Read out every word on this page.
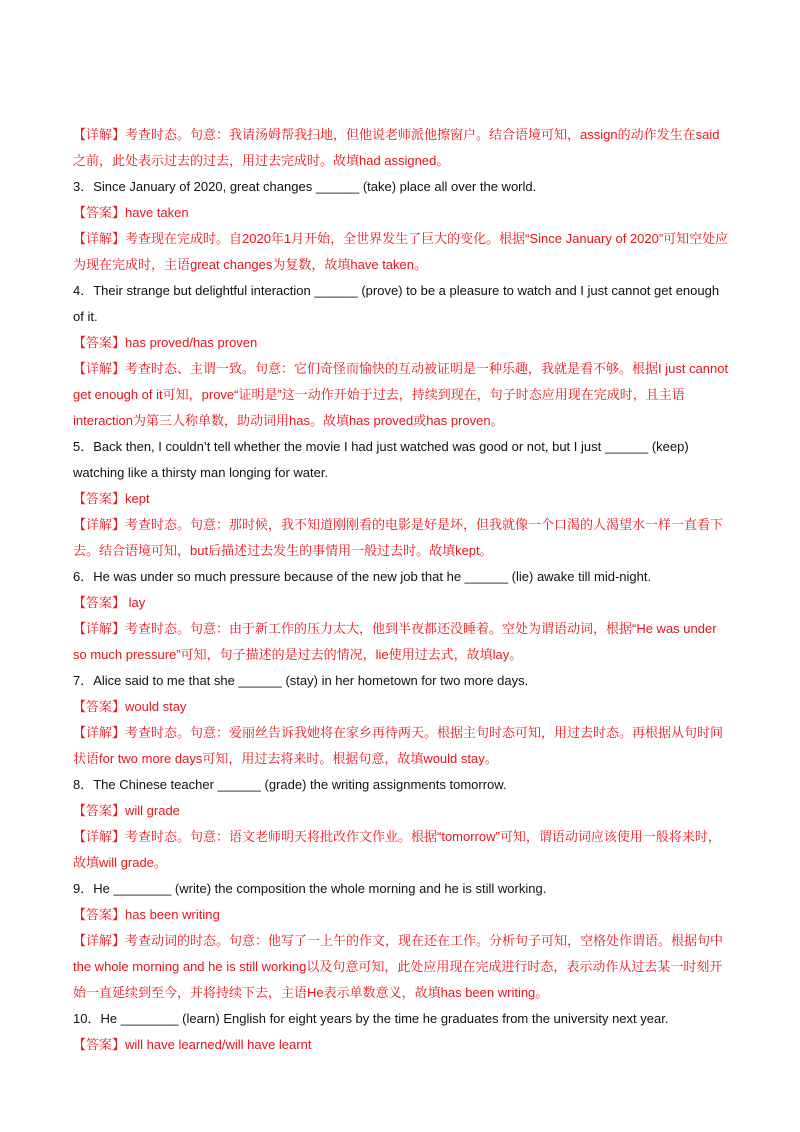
【详解】考查时态。句意：我请汤姆帮我扫地，但他说老师派他擦窗户。结合语境可知，assign的动作发生在said之前，此处表示过去的过去，用过去完成时。故填had assigned。

3．Since January of 2020, great changes ______ (take) place all over the world.

【答案】have taken

【详解】考查现在完成时。自2020年1月开始，全世界发生了巨大的变化。根据“Since January of 2020”可知空处应为现在完成时，主语great changes为复数，故填have taken。

4．Their strange but delightful interaction ______ (prove) to be a pleasure to watch and I just cannot get enough of it.

【答案】has proved/has proven

【详解】考查时态、主谓一致。句意：它们奇怪而愉快的互动被证明是一种乐趣，我就是看不够。根据I just cannot get enough of it可知，prove“证明是”这一动作开始于过去，持续到现在，句子时态应用现在完成时，且主语interaction为第三人称单数，助动词用has。故填has proved或has proven。

5．Back then, I couldn’t tell whether the movie I had just watched was good or not, but I just ______ (keep) watching like a thirsty man longing for water.

【答案】kept

【详解】考查时态。句意：那时候，我不知道刚刚看的电影是好是坏，但我就像一个口渴的人渴望水一样一直看下去。结合语境可知，but后描述过去发生的事情用一般过去时。故填kept。

6．He was under so much pressure because of the new job that he ______ (lie) awake till mid-night.

【答案】 lay

【详解】考查时态。句意：由于新工作的压力太大，他到半夜都还没睡着。空处为谓语动词，根据“He was under so much pressure”可知，句子描述的是过去的情况，lie使用过去式，故填lay。

7．Alice said to me that she ______ (stay) in her hometown for two more days.

【答案】would stay

【详解】考查时态。句意：爱丽丝告诉我她将在家乡再待两天。根据主句时态可知，用过去时态。再根据从句时间状语for two more days可知，用过去将来时。根据句意，故填would stay。

8．The Chinese teacher ______ (grade) the writing assignments tomorrow.

【答案】will grade

【详解】考查时态。句意：语文老师明天将批改作文作业。根据“tomorrow”可知，谓语动词应该使用一般将来时，故填will grade。

9．He ________ (write) the composition the whole morning and he is still working.

【答案】has been writing

【详解】考查动词的时态。句意：他写了一上午的作文，现在还在工作。分析句子可知，空格处作谓语。根据句中the whole morning and he is still working以及句意可知，此处应用现在完成进行时态，表示动作从过去某一时刻开始一直延续到至今，并将持续下去，主语He表示单数意义，故填has been writing。

10．He ________ (learn) English for eight years by the time he graduates from the university next year.

【答案】will have learned/will have learnt
